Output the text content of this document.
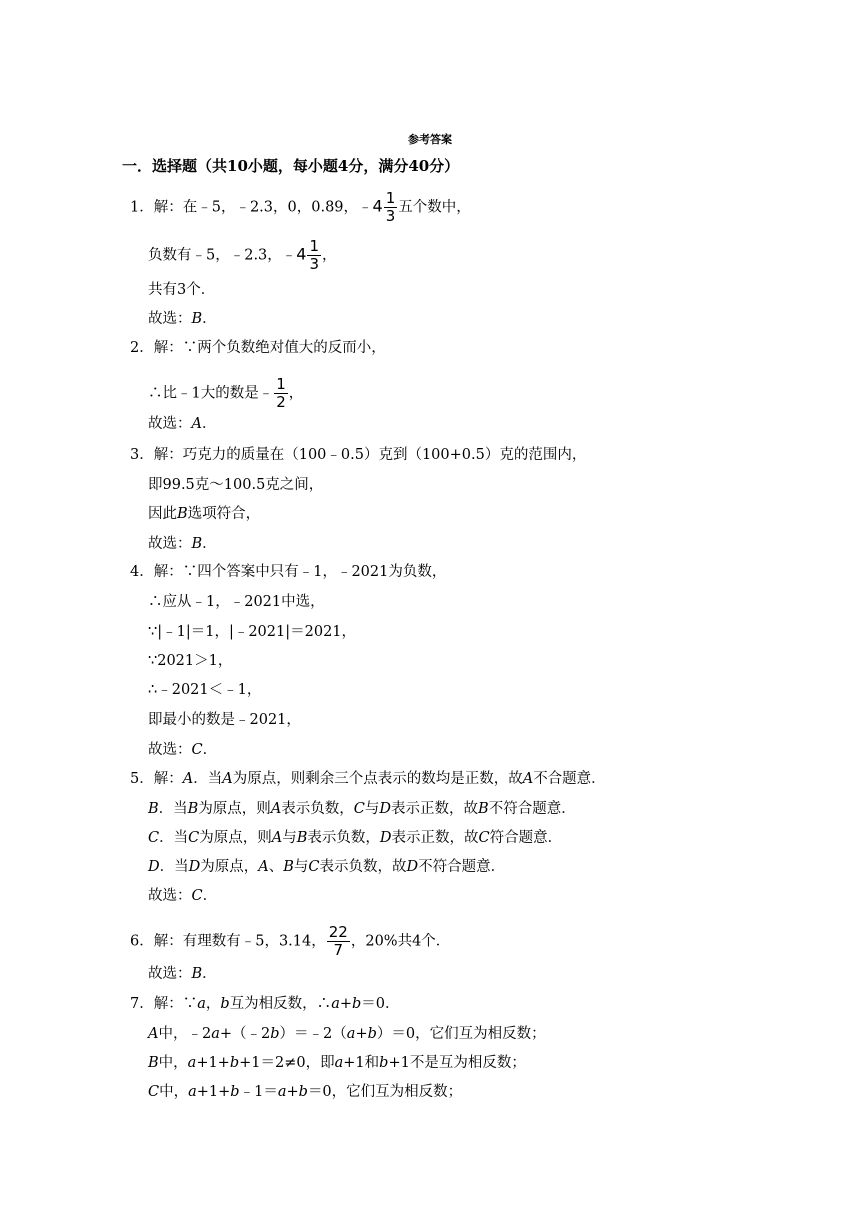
参考答案
一．选择题（共10小题，每小题4分，满分40分）
1．解：在﹣5，﹣2.3，0，0.89，﹣4 $\frac{1}{3}$ 五个数中，
负数有﹣5，﹣2.3，﹣4 $\frac{1}{3}$ ，
共有3个．
故选：B．
2．解：∵两个负数绝对值大的反而小，
∴比﹣1大的数是﹣ $\frac{1}{2}$ ，
故选：A．
3．解：巧克力的质量在（100﹣0.5）克到（100+0.5）克的范围内，
即99.5克～100.5克之间，
因此B选项符合，
故选：B．
4．解：∵四个答案中只有﹣1，﹣2021为负数，
∴应从﹣1，﹣2021中选，
∵|﹣1|＝1，|﹣2021|＝2021，
∵2021＞1，
∴﹣2021＜﹣1，
即最小的数是﹣2021，
故选：C．
5．解：A．当A为原点，则剩余三个点表示的数均是正数，故A不合题意．
B．当B为原点，则A表示负数，C与D表示正数，故B不符合题意．
C．当C为原点，则A与B表示负数，D表示正数，故C符合题意．
D．当D为原点，A、B与C表示负数，故D不符合题意．
故选：C．
6．解：有理数有﹣5，3.14， $\frac{22}{7}$ ，20%共4个．
故选：B．
7．解：∵a，b互为相反数，∴a+b＝0．
A中，﹣2a+（﹣2b）＝﹣2（a+b）＝0，它们互为相反数；
B中，a+1+b+1＝2≠0，即a+1和b+1不是互为相反数；
C中，a+1+b﹣1＝a+b＝0，它们互为相反数；
